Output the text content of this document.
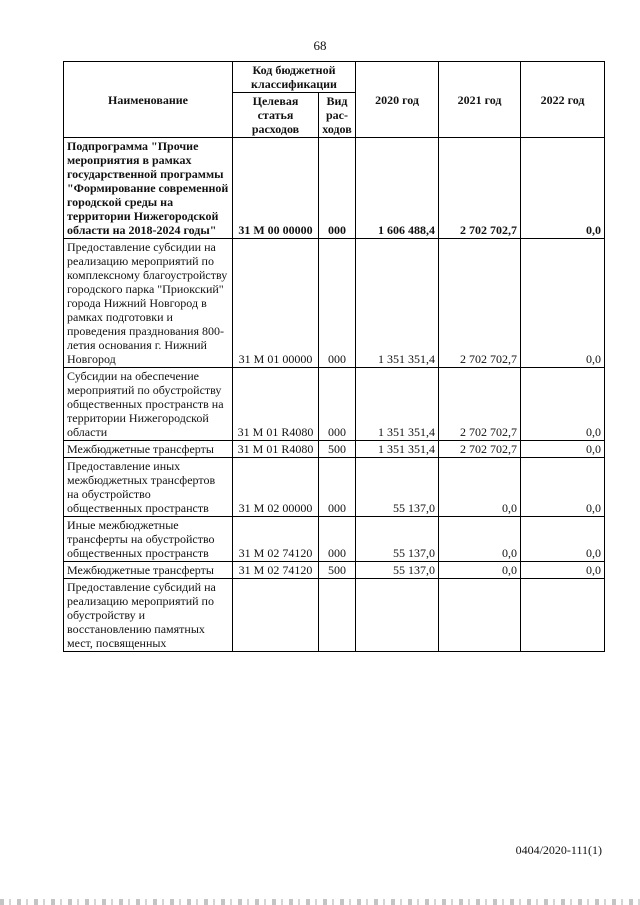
68
Наименование	Код бюджетной классификации		2020 год	2021 год	2022 год
	Целевая статья расходов	Вид рас-ходов			
Подпрограмма "Прочие мероприятия в рамках государственной программы "Формирование современной городской среды на территории Нижегородской области на 2018-2024 годы"	31 М 00 00000	000	1 606 488,4	2 702 702,7	0,0
Предоставление субсидии на реализацию мероприятий по комплексному благоустройству городского парка "Приокский" города Нижний Новгород в рамках подготовки и проведения празднования 800-летия основания г. Нижний Новгород	31 М 01 00000	000	1 351 351,4	2 702 702,7	0,0
Субсидии на обеспечение мероприятий по обустройству общественных пространств на территории Нижегородской области	31 М 01 R4080	000	1 351 351,4	2 702 702,7	0,0
Межбюджетные трансферты	31 М 01 R4080	500	1 351 351,4	2 702 702,7	0,0
Предоставление иных межбюджетных трансфертов на обустройство общественных пространств	31 М 02 00000	000	55 137,0	0,0	0,0
Иные межбюджетные трансферты на обустройство общественных пространств	31 М 02 74120	000	55 137,0	0,0	0,0
Межбюджетные трансферты	31 М 02 74120	500	55 137,0	0,0	0,0
Предоставление субсидий на реализацию мероприятий по обустройству и восстановлению памятных мест, посвященных					
0404/2020-111(1)
